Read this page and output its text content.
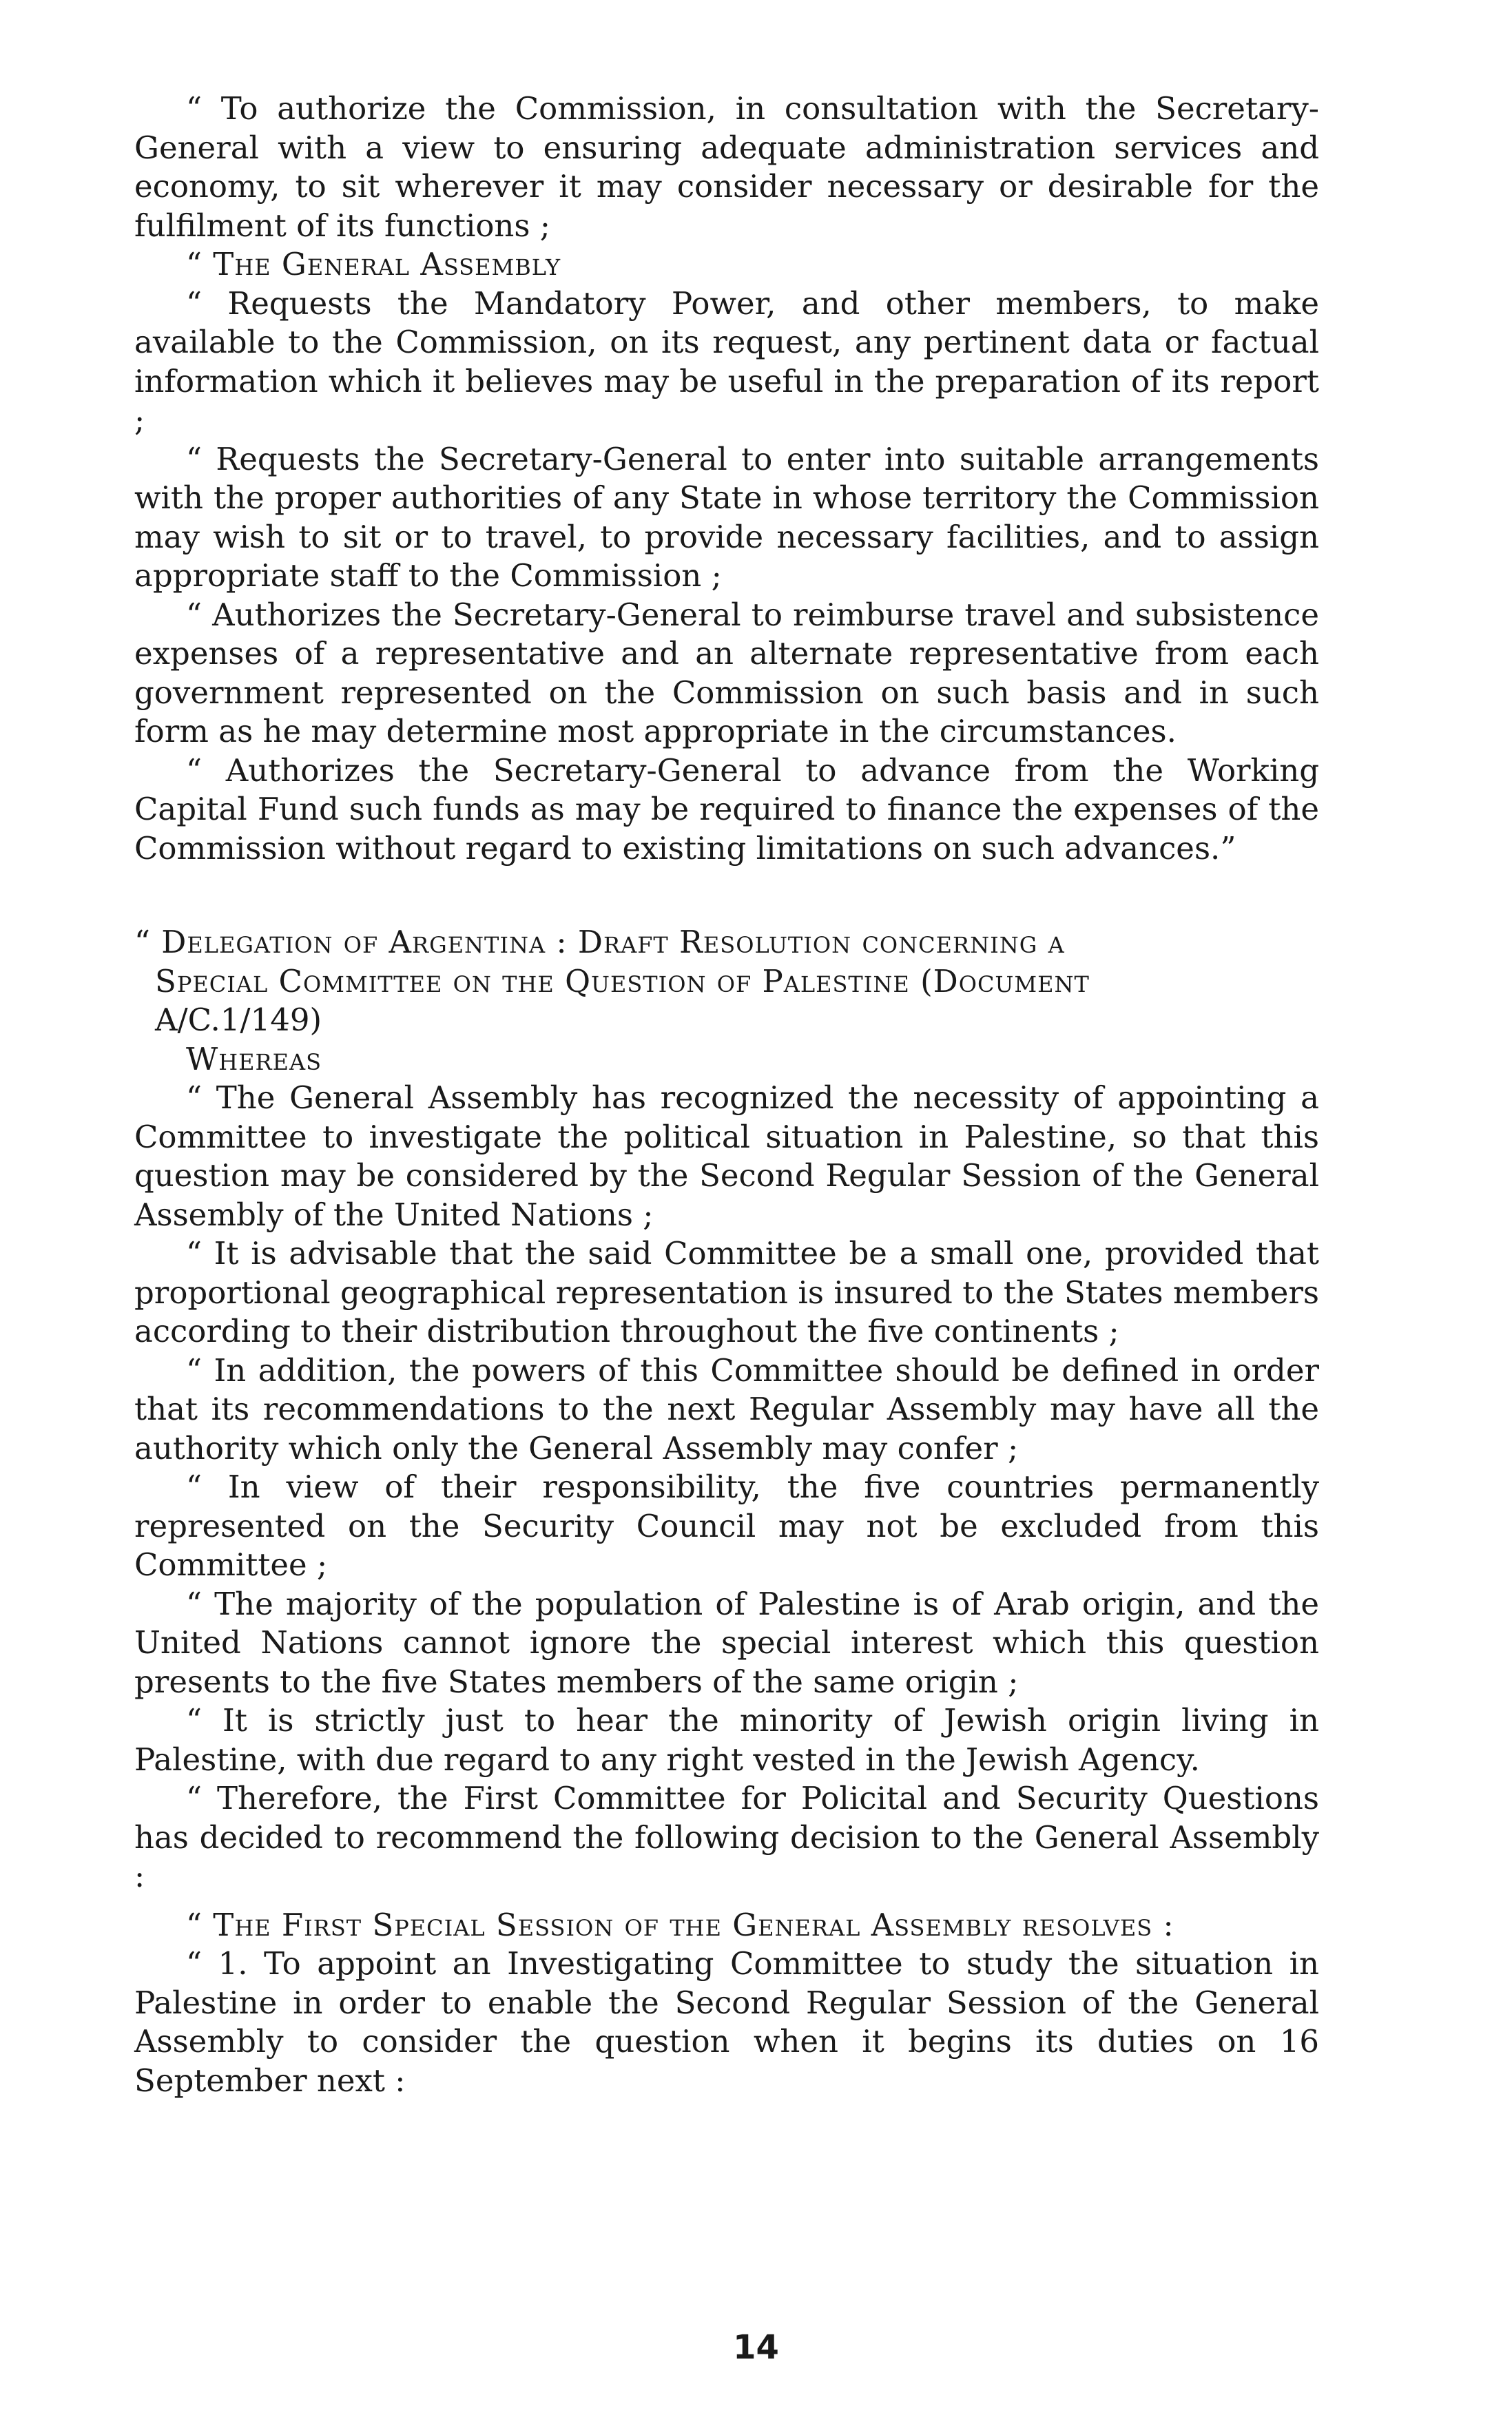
“ To authorize the Commission, in consultation with the Secretary-General with a view to ensuring adequate administration services and economy, to sit wherever it may consider necessary or desirable for the fulfilment of its functions ;

“ The General Assembly

“ Requests the Mandatory Power, and other members, to make available to the Commission, on its request, any pertinent data or factual information which it believes may be useful in the preparation of its report ;

“ Requests the Secretary-General to enter into suitable arrangements with the proper authorities of any State in whose territory the Commission may wish to sit or to travel, to provide necessary facilities, and to assign appropriate staff to the Commission ;

“ Authorizes the Secretary-General to reimburse travel and subsistence expenses of a representative and an alternate representative from each government represented on the Commission on such basis and in such form as he may determine most appropriate in the circumstances.

“ Authorizes the Secretary-General to advance from the Working Capital Fund such funds as may be required to finance the expenses of the Commission without regard to existing limitations on such advances.”

“ Delegation of Argentina : Draft Resolution concerning a

Special Committee on the Question of Palestine (Document

A/C.1/149)

Whereas

“ The General Assembly has recognized the necessity of appointing a Committee to investigate the political situation in Palestine, so that this question may be considered by the Second Regular Session of the General Assembly of the United Nations ;

“ It is advisable that the said Committee be a small one, provided that proportional geographical representation is insured to the States members according to their distribution throughout the five continents ;

“ In addition, the powers of this Committee should be defined in order that its recommendations to the next Regular Assembly may have all the authority which only the General Assembly may confer ;

“ In view of their responsibility, the five countries permanently represented on the Security Council may not be excluded from this Committee ;

“ The majority of the population of Palestine is of Arab origin, and the United Nations cannot ignore the special interest which this question presents to the five States members of the same origin ;

“ It is strictly just to hear the minority of Jewish origin living in Palestine, with due regard to any right vested in the Jewish Agency.

“ Therefore, the First Committee for Policital and Security Questions has decided to recommend the following decision to the General Assembly :

“ The First Special Session of the General Assembly resolves :

“ 1. To appoint an Investigating Committee to study the situation in Palestine in order to enable the Second Regular Session of the General Assembly to consider the question when it begins its duties on 16 September next :

14
